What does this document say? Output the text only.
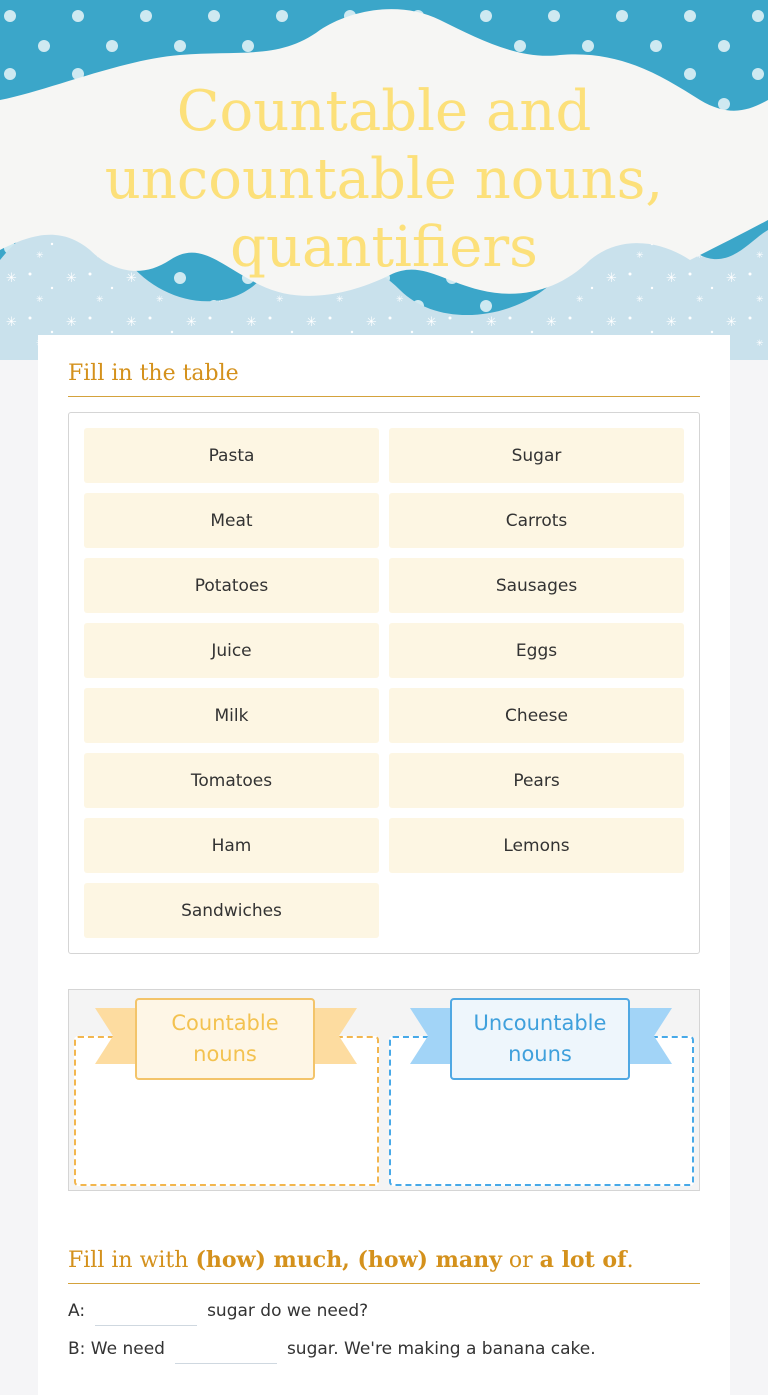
Countable and uncountable nouns, quantifiers
Fill in the table
Pasta	Sugar
Meat	Carrots
Potatoes	Sausages
Juice	Eggs
Milk	Cheese
Tomatoes	Pears
Ham	Lemons
Sandwiches
Countable nouns
Uncountable nouns
Fill in with (how) much, (how) many or a lot of.
A:	sugar do we need?
B: We need	sugar. We're making a banana cake.
